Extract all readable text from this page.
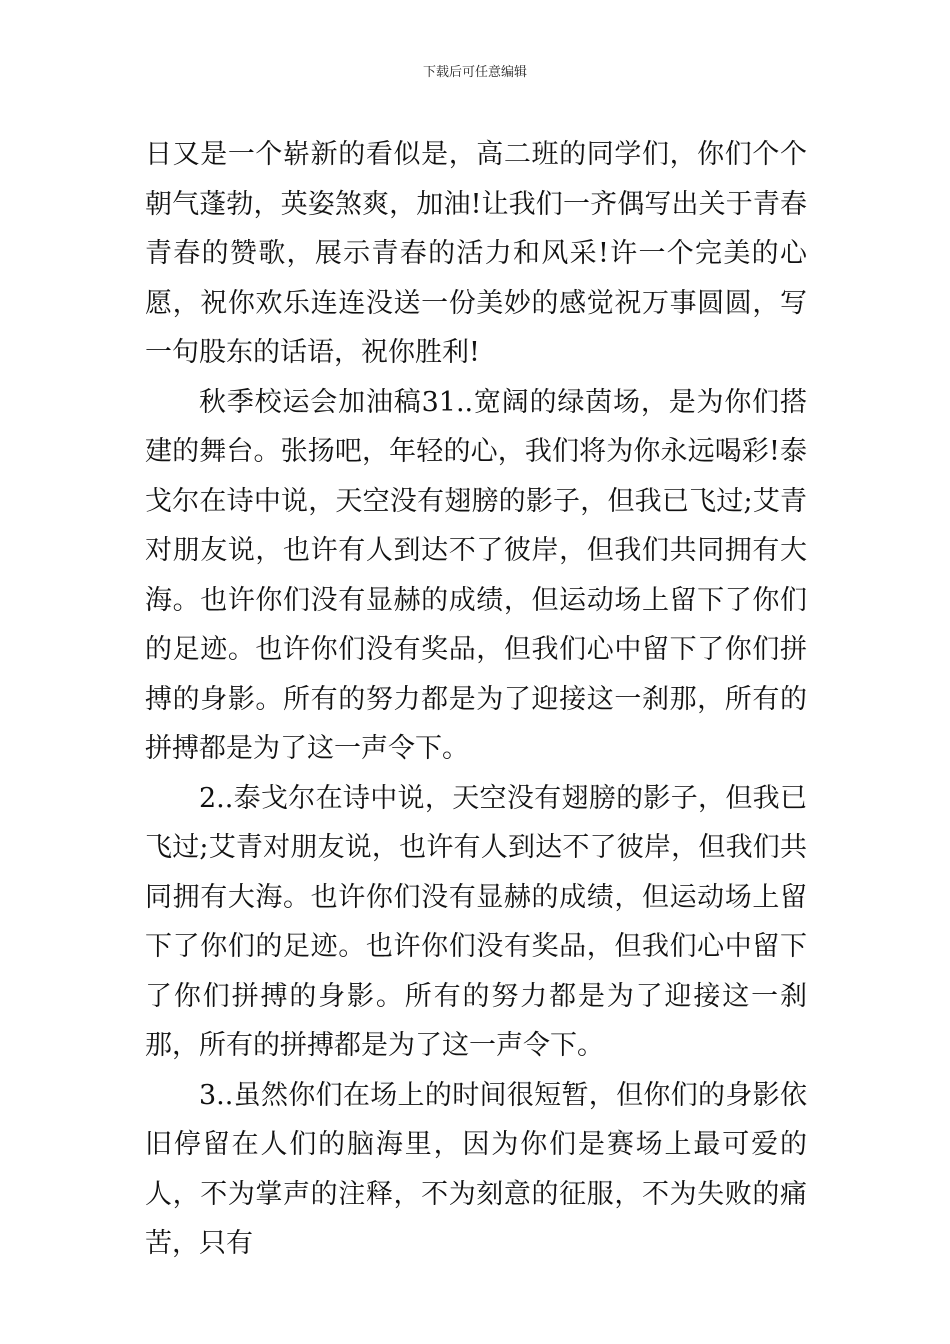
下载后可任意编辑

日又是一个崭新的看似是，高二班的同学们，你们个个朝气蓬勃，英姿煞爽，加油!让我们一齐偶写出关于青春青春的赞歌，展示青春的活力和风采!许一个完美的心愿，祝你欢乐连连没送一份美妙的感觉祝万事圆圆，写一句股东的话语，祝你胜利!

秋季校运会加油稿31..宽阔的绿茵场，是为你们搭建的舞台。张扬吧，年轻的心，我们将为你永远喝彩!泰戈尔在诗中说，天空没有翅膀的影子，但我已飞过;艾青对朋友说，也许有人到达不了彼岸，但我们共同拥有大海。也许你们没有显赫的成绩，但运动场上留下了你们的足迹。也许你们没有奖品，但我们心中留下了你们拼搏的身影。所有的努力都是为了迎接这一刹那，所有的拼搏都是为了这一声令下。

2..泰戈尔在诗中说，天空没有翅膀的影子，但我已飞过;艾青对朋友说，也许有人到达不了彼岸，但我们共同拥有大海。也许你们没有显赫的成绩，但运动场上留下了你们的足迹。也许你们没有奖品，但我们心中留下了你们拼搏的身影。所有的努力都是为了迎接这一刹那，所有的拼搏都是为了这一声令下。

3..虽然你们在场上的时间很短暂，但你们的身影依旧停留在人们的脑海里，因为你们是赛场上最可爱的人，不为掌声的注释，不为刻意的征服，不为失败的痛苦，只有
